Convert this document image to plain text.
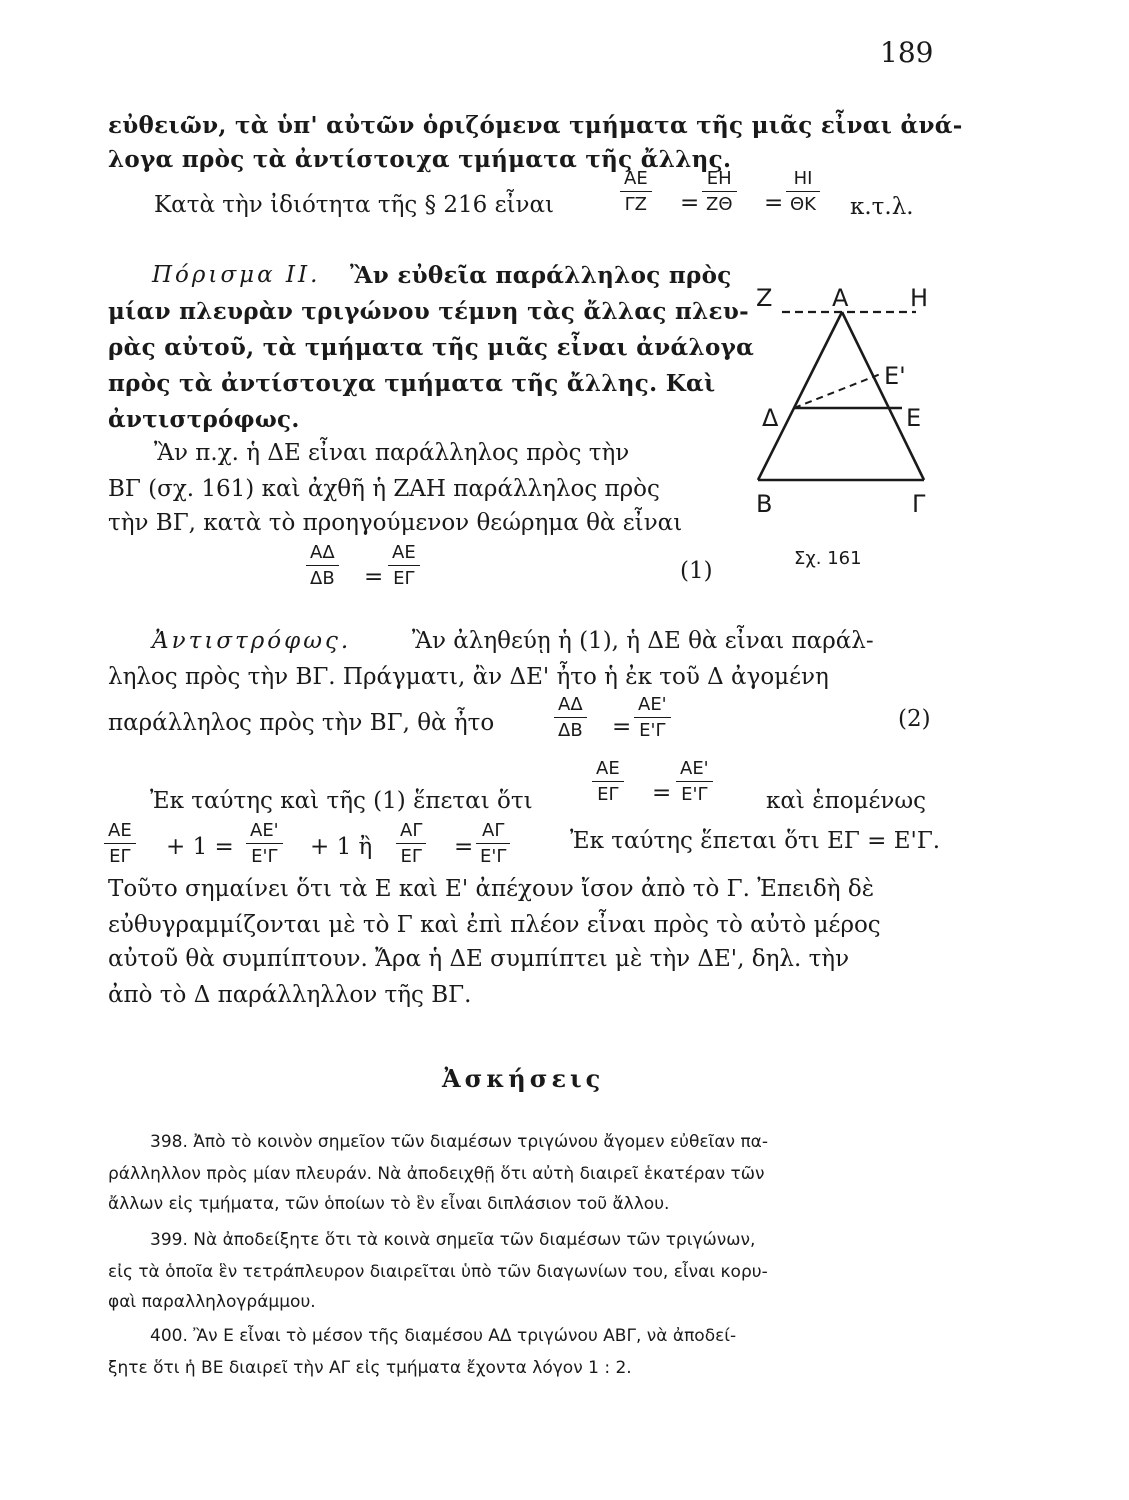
189
εὐθειῶν, τὰ ὑπ' αὐτῶν ὁριζόμενα τμήματα τῆς μιᾶς εἶναι ἀνά-
λογα πρὸς τὰ ἀντίστοιχα τμήματα τῆς ἄλλης.
Κατὰ τὴν ἰδιότητα τῆς § 216 εἶναι	$\frac{AE}{\Gamma Z} = \frac{EH}{Z\Theta} = \frac{HI}{\Theta K} \kappa.\tau.\lambda$.
Πόρισμα ΙΙ. Ἂν εὐθεῖα παράλληλος πρὸς
μίαν πλευρὰν τριγώνου τέμνη τὰς ἄλλας πλευ-
ρὰς αὐτοῦ, τὰ τμήματα τῆς μιᾶς εἶναι ἀνάλογα
πρὸς τὰ ἀντίστοιχα τμήματα τῆς ἄλλης. Καὶ
ἀντιστρόφως.
Ἂν π.χ. ἡ ΔΕ εἶναι παράλληλος πρὸς τὴν
ΒΓ (σχ. 161) καὶ ἀχθῆ ἡ ΖΑΗ παράλληλος πρὸς
τὴν ΒΓ, κατὰ τὸ προηγούμενον θεώρημα θὰ εἶναι
$\frac{A\Delta}{\Delta B} = \frac{AE}{E\Gamma}$	(1)
Ζ Α	Η
Ε'
Δ	Ε
Β	Γ
Σχ. 161
Ἀντιστρόφως.	Ἂν ἀληθεύῃ ἡ (1), ἡ ΔΕ θὰ εἶναι παράλ-
ληλος πρὸς τὴν ΒΓ. Πράγματι, ἂν ΔΕ' ἦτο ἡ ἐκ τοῦ Δ ἀγομένη
παράλληλος πρὸς τὴν ΒΓ, θὰ ἦτο	$\frac{A\Delta}{\Delta B} = \frac{AE'}{E'\Gamma}$	(2)
Ἐκ ταύτης καὶ τῆς (1) ἕπεται ὅτι	$\frac{AE}{E\Gamma} = \frac{AE'}{E'\Gamma}$ καὶ ἑπομένως
$\frac{AE}{E\Gamma} + 1 = \frac{AE'}{E'\Gamma} + 1$ ἢ $\frac{A\Gamma}{E\Gamma} = \frac{A\Gamma}{E'\Gamma}$	Ἐκ ταύτης ἕπεται ὅτι ΕΓ = Ε'Γ.
Τοῦτο σημαίνει ὅτι τὰ Ε καὶ Ε' ἀπέχουν ἴσον ἀπὸ τὸ Γ. Ἐπειδὴ δὲ
εὐθυγραμμίζονται μὲ τὸ Γ καὶ ἐπὶ πλέον εἶναι πρὸς τὸ αὐτὸ μέρος
αὐτοῦ θὰ συμπίπτουν. Ἄρα ἡ ΔΕ συμπίπτει μὲ τὴν ΔΕ', δηλ. τὴν
ἀπὸ τὸ Δ παράλληλλον τῆς ΒΓ.
Ἀσκήσεις
398. Ἀπὸ τὸ κοινὸν σημεῖον τῶν διαμέσων τριγώνου ἄγομεν εὐθεῖαν πα-
ράλληλλον πρὸς μίαν πλευράν. Νὰ ἀποδειχθῇ ὅτι αὐτὴ διαιρεῖ ἑκατέραν τῶν
ἄλλων εἰς τμήματα, τῶν ὁποίων τὸ ἓν εἶναι διπλάσιον τοῦ ἄλλου.
399. Νὰ ἀποδείξητε ὅτι τὰ κοινὰ σημεῖα τῶν διαμέσων τῶν τριγώνων,
εἰς τὰ ὁποῖα ἓν τετράπλευρον διαιρεῖται ὑπὸ τῶν διαγωνίων του, εἶναι κορυ-
φαὶ παραλληλογράμμου.
400. Ἂν Ε εἶναι τὸ μέσον τῆς διαμέσου ΑΔ τριγώνου ΑΒΓ, νὰ ἀποδεί-
ξητε ὅτι ἡ ΒΕ διαιρεῖ τὴν ΑΓ εἰς τμήματα ἔχοντα λόγον 1 : 2.
